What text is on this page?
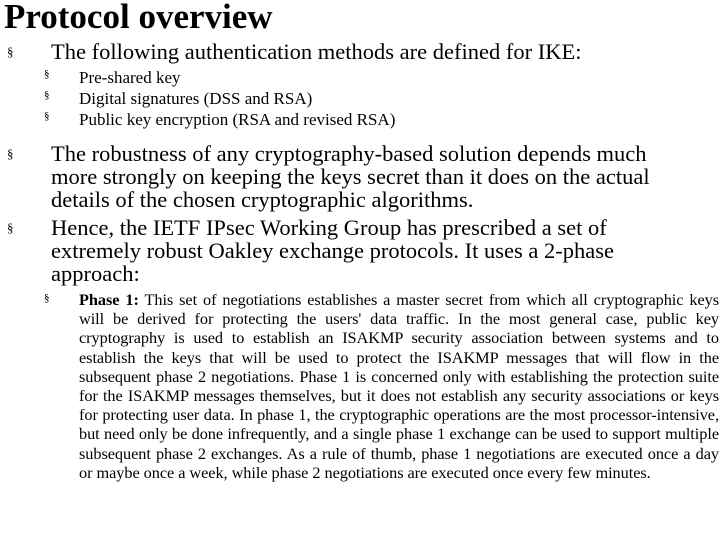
Protocol overview
§ The following authentication methods are defined for IKE:
§ Pre-shared key
§ Digital signatures (DSS and RSA)
§ Public key encryption (RSA and revised RSA)
§ The robustness of any cryptography-based solution depends much more strongly on keeping the keys secret than it does on the actual details of the chosen cryptographic algorithms.
§ Hence, the IETF IPsec Working Group has prescribed a set of extremely robust Oakley exchange protocols. It uses a 2-phase approach:
§ Phase 1: This set of negotiations establishes a master secret from which all cryptographic keys will be derived for protecting the users' data traffic. In the most general case, public key cryptography is used to establish an ISAKMP security association between systems and to establish the keys that will be used to protect the ISAKMP messages that will flow in the subsequent phase 2 negotiations. Phase 1 is concerned only with establishing the protection suite for the ISAKMP messages themselves, but it does not establish any security associations or keys for protecting user data. In phase 1, the cryptographic operations are the most processor-intensive, but need only be done infrequently, and a single phase 1 exchange can be used to support multiple subsequent phase 2 exchanges. As a rule of thumb, phase 1 negotiations are executed once a day or maybe once a week, while phase 2 negotiations are executed once every few minutes.
